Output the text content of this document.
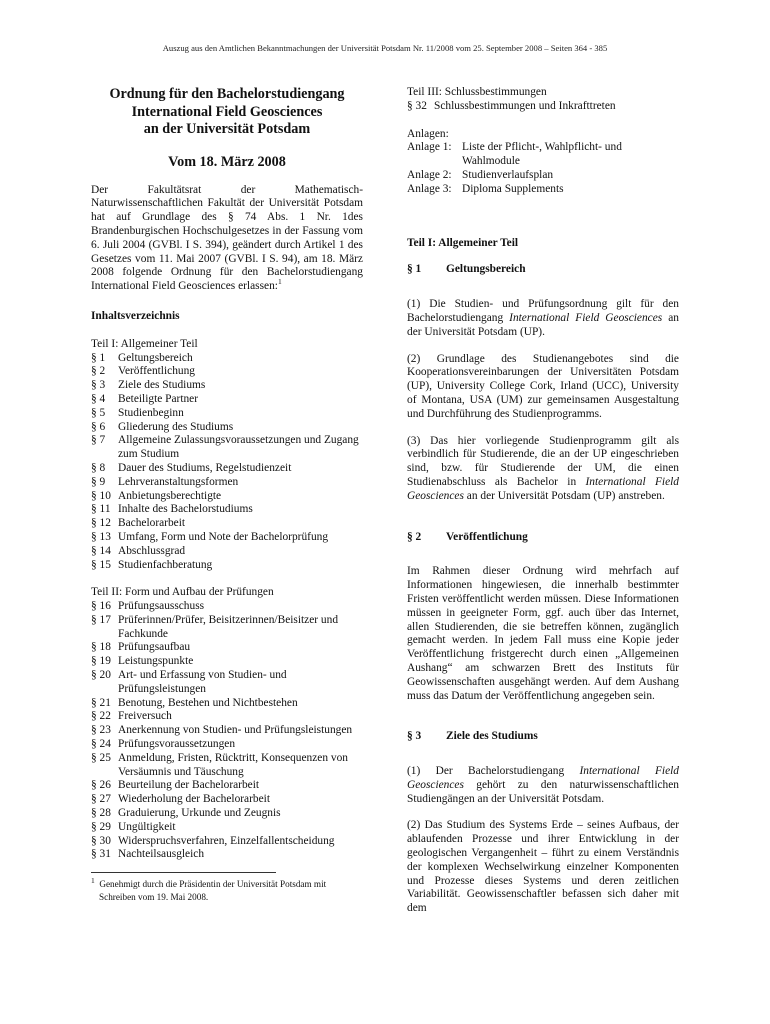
Auszug aus den Amtlichen Bekanntmachungen der Universität Potsdam Nr. 11/2008 vom 25. September 2008 – Seiten 364 - 385
Ordnung für den Bachelorstudiengang
International Field Geosciences
an der Universität Potsdam
Vom 18. März 2008

Der Fakultätsrat der Mathematisch-Naturwissenschaftlichen Fakultät der Universität Potsdam hat auf Grundlage des § 74 Abs. 1 Nr. 1des Brandenburgischen Hochschulgesetzes in der Fassung vom 6. Juli 2004 (GVBl. I S. 394), geändert durch Artikel 1 des Gesetzes vom 11. Mai 2007 (GVBl. I S. 94), am 18. März 2008 folgende Ordnung für den Bachelorstudiengang International Field Geosciences erlassen:$^1$

Inhaltsverzeichnis

Teil I: Allgemeiner Teil

§ 1	Geltungsbereich
§ 2	Veröffentlichung
§ 3	Ziele des Studiums
§ 4	Beteiligte Partner
§ 5	Studienbeginn
§ 6	Gliederung des Studiums
§ 7	Allgemeine Zulassungsvoraussetzungen und Zugang zum Studium
§ 8	Dauer des Studiums, Regelstudienzeit
§ 9	Lehrveranstaltungsformen
§ 10 Anbietungsberechtigte
§ 11 Inhalte des Bachelorstudiums
§ 12 Bachelorarbeit
§ 13 Umfang, Form und Note der Bachelorprüfung
§ 14 Abschlussgrad
§ 15 Studienfachberatung

Teil II: Form und Aufbau der Prüfungen

§ 16 Prüfungsausschuss
§ 17 Prüferinnen/Prüfer, Beisitzerinnen/Beisitzer und Fachkunde
§ 18 Prüfungsaufbau
§ 19 Leistungspunkte
§ 20 Art- und Erfassung von Studien- und Prüfungsleistungen
§ 21 Benotung, Bestehen und Nichtbestehen
§ 22 Freiversuch
§ 23 Anerkennung von Studien- und Prüfungsleistungen
§ 24 Prüfungsvoraussetzungen
§ 25 Anmeldung, Fristen, Rücktritt, Konsequenzen von Versäumnis und Täuschung
§ 26 Beurteilung der Bachelorarbeit
§ 27 Wiederholung der Bachelorarbeit
§ 28 Graduierung, Urkunde und Zeugnis
§ 29 Ungültigkeit
§ 30 Widerspruchsverfahren, Einzelfallentscheidung
§ 31 Nachteilsausgleich

$^1$ Genehmigt durch die Präsidentin der Universität Potsdam mit Schreiben vom 19. Mai 2008.

Teil III: Schlussbestimmungen

§ 32 Schlussbestimmungen und Inkrafttreten

Anlagen:

Anlage 1: Liste der Pflicht-, Wahlpflicht- und Wahlmodule
Anlage 2: Studienverlaufsplan
Anlage 3: Diploma Supplements

Teil I: Allgemeiner Teil

§ 1	Geltungsbereich

(1) Die Studien- und Prüfungsordnung gilt für den Bachelorstudiengang International Field Geosciences an der Universität Potsdam (UP).

(2) Grundlage des Studienangebotes sind die Kooperationsvereinbarungen der Universitäten Potsdam (UP), University College Cork, Irland (UCC), University of Montana, USA (UM) zur gemeinsamen Ausgestaltung und Durchführung des Studienprogramms.

(3) Das hier vorliegende Studienprogramm gilt als verbindlich für Studierende, die an der UP eingeschrieben sind, bzw. für Studierende der UM, die einen Studienabschluss als Bachelor in International Field Geosciences an der Universität Potsdam (UP) anstreben.

§ 2	Veröffentlichung

Im Rahmen dieser Ordnung wird mehrfach auf Informationen hingewiesen, die innerhalb bestimmter Fristen veröffentlicht werden müssen. Diese Informationen müssen in geeigneter Form, ggf. auch über das Internet, allen Studierenden, die sie betreffen können, zugänglich gemacht werden. In jedem Fall muss eine Kopie jeder Veröffentlichung fristgerecht durch einen „Allgemeinen Aushang“ am schwarzen Brett des Instituts für Geowissenschaften ausgehängt werden. Auf dem Aushang muss das Datum der Veröffentlichung angegeben sein.

§ 3	Ziele des Studiums

(1) Der Bachelorstudiengang International Field Geosciences gehört zu den naturwissenschaftlichen Studiengängen an der Universität Potsdam.

(2) Das Studium des Systems Erde – seines Aufbaus, der ablaufenden Prozesse und ihrer Entwicklung in der geologischen Vergangenheit – führt zu einem Verständnis der komplexen Wechselwirkung einzelner Komponenten und Prozesse dieses Systems und deren zeitlichen Variabilität. Geowissenschaftler befassen sich daher mit dem
